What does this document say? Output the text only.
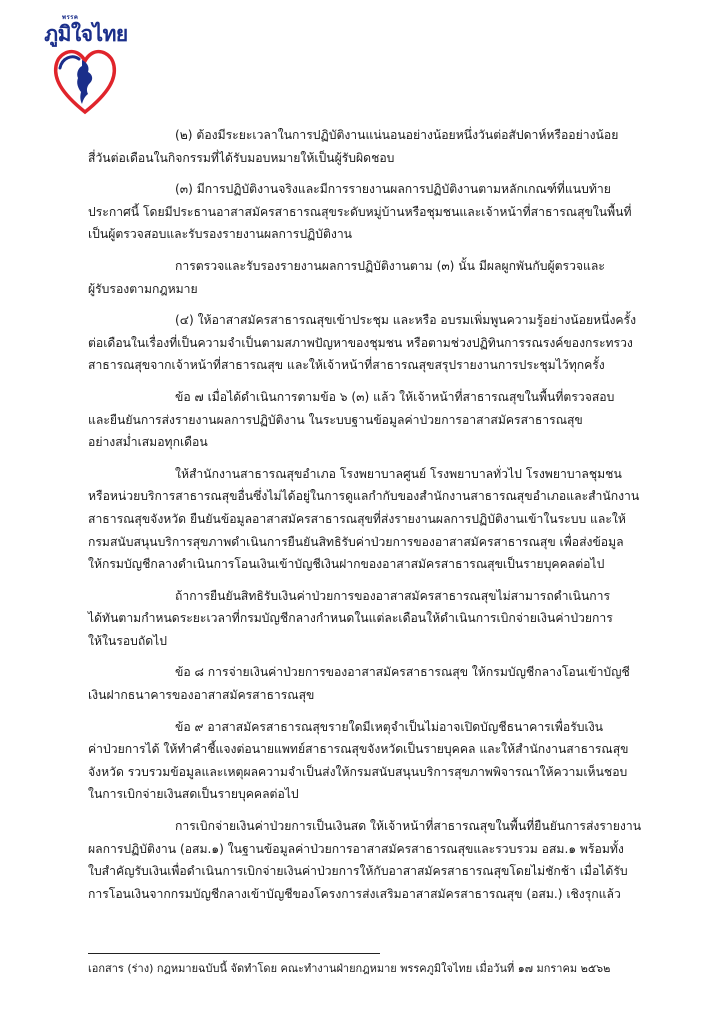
พรรค
ภูมิใจไทย

(๒) ต้องมีระยะเวลาในการปฏิบัติงานแน่นอนอย่างน้อยหนึ่งวันต่อสัปดาห์หรืออย่างน้อย
สี่วันต่อเดือนในกิจกรรมที่ได้รับมอบหมายให้เป็นผู้รับผิดชอบ

(๓) มีการปฏิบัติงานจริงและมีการรายงานผลการปฏิบัติงานตามหลักเกณฑ์ที่แนบท้าย
ประกาศนี้ โดยมีประธานอาสาสมัครสาธารณสุขระดับหมู่บ้านหรือชุมชนและเจ้าหน้าที่สาธารณสุขในพื้นที่
เป็นผู้ตรวจสอบและรับรองรายงานผลการปฏิบัติงาน

การตรวจและรับรองรายงานผลการปฏิบัติงานตาม (๓) นั้น มีผลผูกพันกับผู้ตรวจและ
ผู้รับรองตามกฎหมาย

(๔) ให้อาสาสมัครสาธารณสุขเข้าประชุม และหรือ อบรมเพิ่มพูนความรู้อย่างน้อยหนึ่งครั้ง
ต่อเดือนในเรื่องที่เป็นความจำเป็นตามสภาพปัญหาของชุมชน หรือตามช่วงปฏิทินการรณรงค์ของกระทรวง
สาธารณสุขจากเจ้าหน้าที่สาธารณสุข และให้เจ้าหน้าที่สาธารณสุขสรุปรายงานการประชุมไว้ทุกครั้ง

ข้อ ๗ เมื่อได้ดำเนินการตามข้อ ๖ (๓) แล้ว ให้เจ้าหน้าที่สาธารณสุขในพื้นที่ตรวจสอบ
และยืนยันการส่งรายงานผลการปฏิบัติงาน ในระบบฐานข้อมูลค่าป่วยการอาสาสมัครสาธารณสุข
อย่างสม่ำเสมอทุกเดือน

ให้สำนักงานสาธารณสุขอำเภอ โรงพยาบาลศูนย์ โรงพยาบาลทั่วไป โรงพยาบาลชุมชน
หรือหน่วยบริการสาธารณสุขอื่นซึ่งไม่ได้อยู่ในการดูแลกำกับของสำนักงานสาธารณสุขอำเภอและสำนักงาน
สาธารณสุขจังหวัด ยืนยันข้อมูลอาสาสมัครสาธารณสุขที่ส่งรายงานผลการปฏิบัติงานเข้าในระบบ และให้
กรมสนับสนุนบริการสุขภาพดำเนินการยืนยันสิทธิรับค่าป่วยการของอาสาสมัครสาธารณสุข เพื่อส่งข้อมูล
ให้กรมบัญชีกลางดำเนินการโอนเงินเข้าบัญชีเงินฝากของอาสาสมัครสาธารณสุขเป็นรายบุคคลต่อไป

ถ้าการยืนยันสิทธิรับเงินค่าป่วยการของอาสาสมัครสาธารณสุขไม่สามารถดำเนินการ
ได้ทันตามกำหนดระยะเวลาที่กรมบัญชีกลางกำหนดในแต่ละเดือนให้ดำเนินการเบิกจ่ายเงินค่าป่วยการ
ให้ในรอบถัดไป

ข้อ ๘ การจ่ายเงินค่าป่วยการของอาสาสมัครสาธารณสุข ให้กรมบัญชีกลางโอนเข้าบัญชี
เงินฝากธนาคารของอาสาสมัครสาธารณสุข

ข้อ ๙ อาสาสมัครสาธารณสุขรายใดมีเหตุจำเป็นไม่อาจเปิดบัญชีธนาคารเพื่อรับเงิน
ค่าป่วยการได้ ให้ทำคำชี้แจงต่อนายแพทย์สาธารณสุขจังหวัดเป็นรายบุคคล และให้สำนักงานสาธารณสุข
จังหวัด รวบรวมข้อมูลและเหตุผลความจำเป็นส่งให้กรมสนับสนุนบริการสุขภาพพิจารณาให้ความเห็นชอบ
ในการเบิกจ่ายเงินสดเป็นรายบุคคลต่อไป

การเบิกจ่ายเงินค่าป่วยการเป็นเงินสด ให้เจ้าหน้าที่สาธารณสุขในพื้นที่ยืนยันการส่งรายงาน
ผลการปฏิบัติงาน (อสม.๑) ในฐานข้อมูลค่าป่วยการอาสาสมัครสาธารณสุขและรวบรวม อสม.๑ พร้อมทั้ง
ใบสำคัญรับเงินเพื่อดำเนินการเบิกจ่ายเงินค่าป่วยการให้กับอาสาสมัครสาธารณสุขโดยไม่ชักช้า เมื่อได้รับ
การโอนเงินจากกรมบัญชีกลางเข้าบัญชีของโครงการส่งเสริมอาสาสมัครสาธารณสุข (อสม.) เชิงรุกแล้ว

เอกสาร (ร่าง) กฎหมายฉบับนี้ จัดทำโดย คณะทำงานฝ่ายกฎหมาย พรรคภูมิใจไทย เมื่อวันที่ ๑๗ มกราคม ๒๕๖๒
